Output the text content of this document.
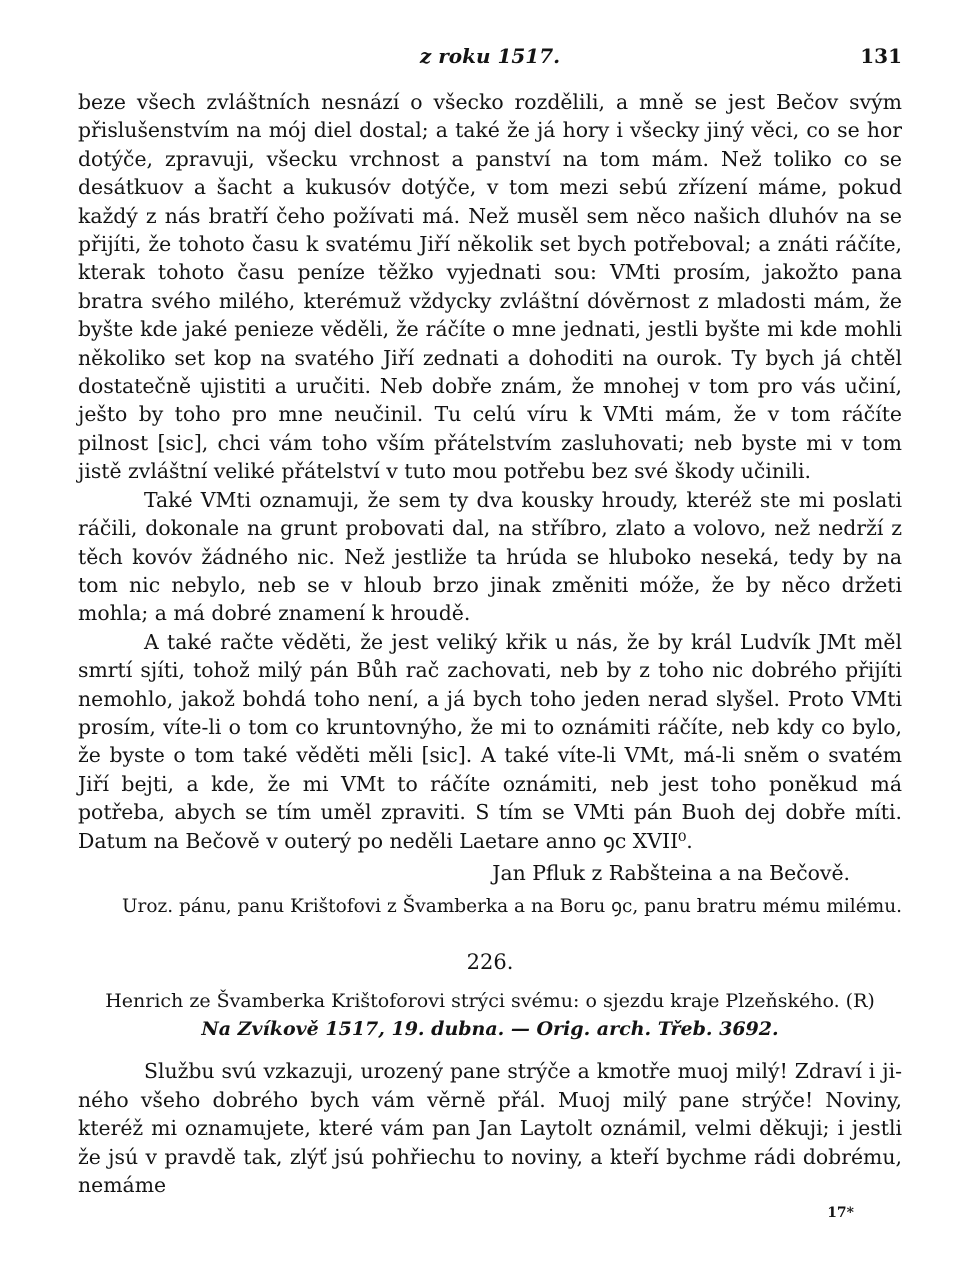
z roku 1517.	131

beze všech zvláštních nesnází o všecko rozdělili, a mně se jest Bečov svým přislušenstvím na mój diel dostal; a také že já hory i všecky jiný věci, co se hor dotýče, zpravuji, všecku vrchnost a panství na tom mám. Než toliko co se desátkuov a šacht a kukusóv dotýče, v tom mezi sebú zřízení máme, pokud každý z nás bratří čeho požívati má. Než musěl sem něco našich dluhóv na se přijíti, že tohoto času k svatému Jiří několik set bych potřeboval; a znáti ráčíte, kterak tohoto času peníze těžko vyjednati sou: VMti prosím, jakožto pana bratra svého milého, kterémuž vždycky zvláštní dóvěrnost z mladosti mám, že byšte kde jaké penieze věděli, že ráčíte o mne jednati, jestli byšte mi kde mohli několiko set kop na svatého Jiří zednati a dohoditi na ourok. Ty bych já chtěl dostatečně ujistiti a uručiti. Neb dobře znám, že mnohej v tom pro vás učiní, ješto by toho pro mne neučinil. Tu celú víru k VMti mám, že v tom ráčíte pilnost [sic], chci vám toho vším přátelstvím zasluhovati; neb byste mi v tom jistě zvláštní veliké přátelství v tuto mou potřebu bez své škody učinili.

Také VMti oznamuji, že sem ty dva kousky hroudy, kteréž ste mi poslati ráčili, dokonale na grunt probovati dal, na stříbro, zlato a volovo, než nedrží z těch kovóv žádného nic. Než jestliže ta hrúda se hluboko neseká, tedy by na tom nic nebylo, neb se v hloub brzo jinak změniti móže, že by něco držeti mohla; a má dobré znamení k hroudě.

A také račte věděti, že jest veliký křik u nás, že by král Ludvík JMt měl smrtí sjíti, tohož milý pán Bůh rač zachovati, neb by z toho nic dobrého přijíti nemohlo, jakož bohdá toho není, a já bych toho jeden nerad slyšel. Proto VMti prosím, víte-li o tom co kruntovnýho, že mi to oznámiti ráčíte, neb kdy co bylo, že byste o tom také věděti měli [sic]. A také víte-li VMt, má-li sněm o svatém Jiří bejti, a kde, že mi VMt to ráčíte oznámiti, neb jest toho poněkud má potřeba, abych se tím uměl zpraviti. S tím se VMti pán Buoh dej dobře míti. Datum na Bečově v outerý po neděli Laetare anno ꝯc XVII⁰.

Jan Pfluk z Rabšteina a na Bečově.
Uroz. pánu, panu Krištofovi z Švamberka a na Boru ꝯc, panu bratru mému milému.
226.
Henrich ze Švamberka Krištoforovi strýci svému: o sjezdu kraje Plzeňského. (R)
Na Zvíkově 1517, 19. dubna. — Orig. arch. Třeb. 3692.

Službu svú vzkazuji, urozený pane strýče a kmotře muoj milý! Zdraví i jiného všeho dobrého bych vám věrně přál. Muoj milý pane strýče! Noviny, kteréž mi oznamujete, které vám pan Jan Laytolt oznámil, velmi děkuji; i jestli že jsú v pravdě tak, zlýť jsú pohřiechu to noviny, a kteří bychme rádi dobrému, nemáme

17*
